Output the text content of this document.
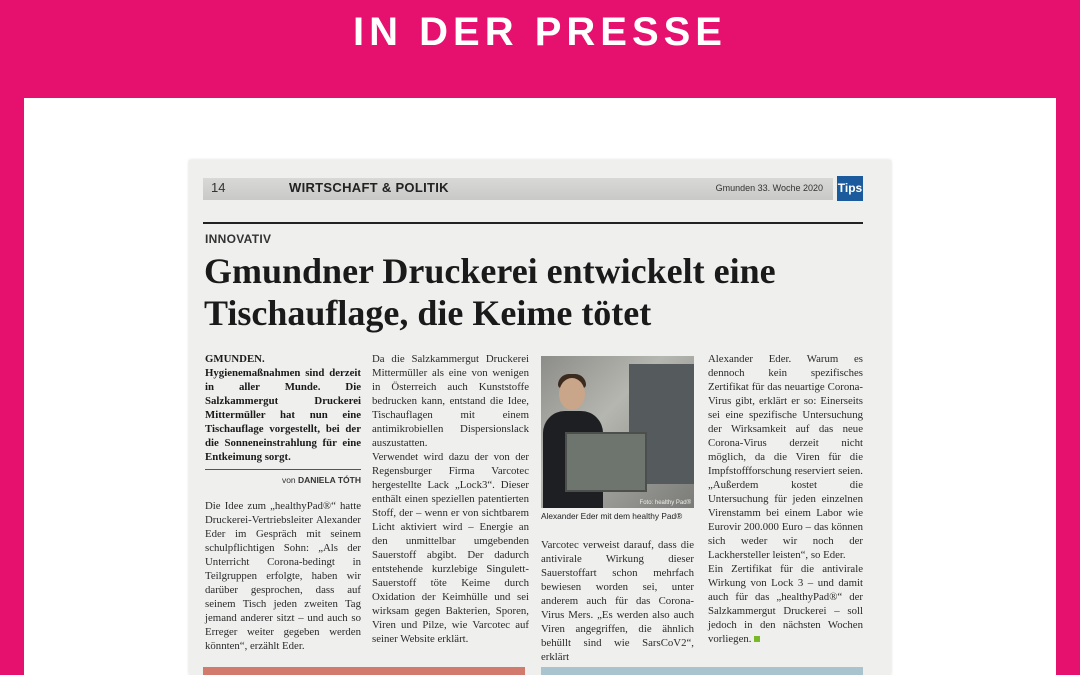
IN DER PRESSE
14	WIRTSCHAFT & POLITIK	Gmunden 33. Woche 2020 Tips
INNOVATIV
Gmundner Druckerei entwickelt eine Tischauflage, die Keime tötet

GMUNDEN. Hygienemaßnahmen sind derzeit in aller Munde. Die Salzkammergut Druckerei Mittermüller hat nun eine Tischauflage vorgestellt, bei der die Sonneneinstrahlung für eine Entkeimung sorgt.

von DANIELA TÓTH

Die Idee zum „healthyPad®“ hatte Druckerei-Vertriebsleiter Alexander Eder im Gespräch mit seinem schulpflichtigen Sohn: „Als der Unterricht Corona-bedingt in Teilgruppen erfolgte, haben wir darüber gesprochen, dass auf seinem Tisch jeden zweiten Tag jemand anderer sitzt – und auch so Erreger weiter gegeben werden könnten“, erzählt Eder.

Da die Salzkammergut Druckerei Mittermüller als eine von wenigen in Österreich auch Kunststoffe bedrucken kann, entstand die Idee, Tischauflagen mit einem antimikrobiellen Dispersionslack auszustatten.

Verwendet wird dazu der von der Regensburger Firma Varcotec hergestellte Lack „Lock3“. Dieser enthält einen speziellen patentierten Stoff, der – wenn er von sichtbarem Licht aktiviert wird – Energie an den unmittelbar umgebenden Sauerstoff abgibt. Der dadurch entstehende kurzlebige Singulett-Sauerstoff töte Keime durch Oxidation der Keimhülle und sei wirksam gegen Bakterien, Sporen, Viren und Pilze, wie Varcotec auf seiner Website erklärt.

Foto: healthy Pad®
Alexander Eder mit dem healthy Pad®
Varcotec verweist darauf, dass die antivirale Wirkung dieser Sauerstoffart schon mehrfach bewiesen worden sei, unter anderem auch für das Corona-Virus Mers. „Es werden also auch Viren angegriffen, die ähnlich behüllt sind wie SarsCoV2“, erklärt

Alexander Eder. Warum es dennoch kein spezifisches Zertifikat für das neuartige Corona-Virus gibt, erklärt er so: Einerseits sei eine spezifische Untersuchung der Wirksamkeit auf das neue Corona-Virus derzeit nicht möglich, da die Viren für die Impfstoffforschung reserviert seien. „Außerdem kostet die Untersuchung für jeden einzelnen Virenstamm bei einem Labor wie Eurovir 200.000 Euro – das können sich weder wir noch der Lackhersteller leisten“, so Eder.

Ein Zertifikat für die antivirale Wirkung von Lock 3 – und damit auch für das „healthyPad®“ der Salzkammergut Druckerei – soll jedoch in den nächsten Wochen vorliegen.
